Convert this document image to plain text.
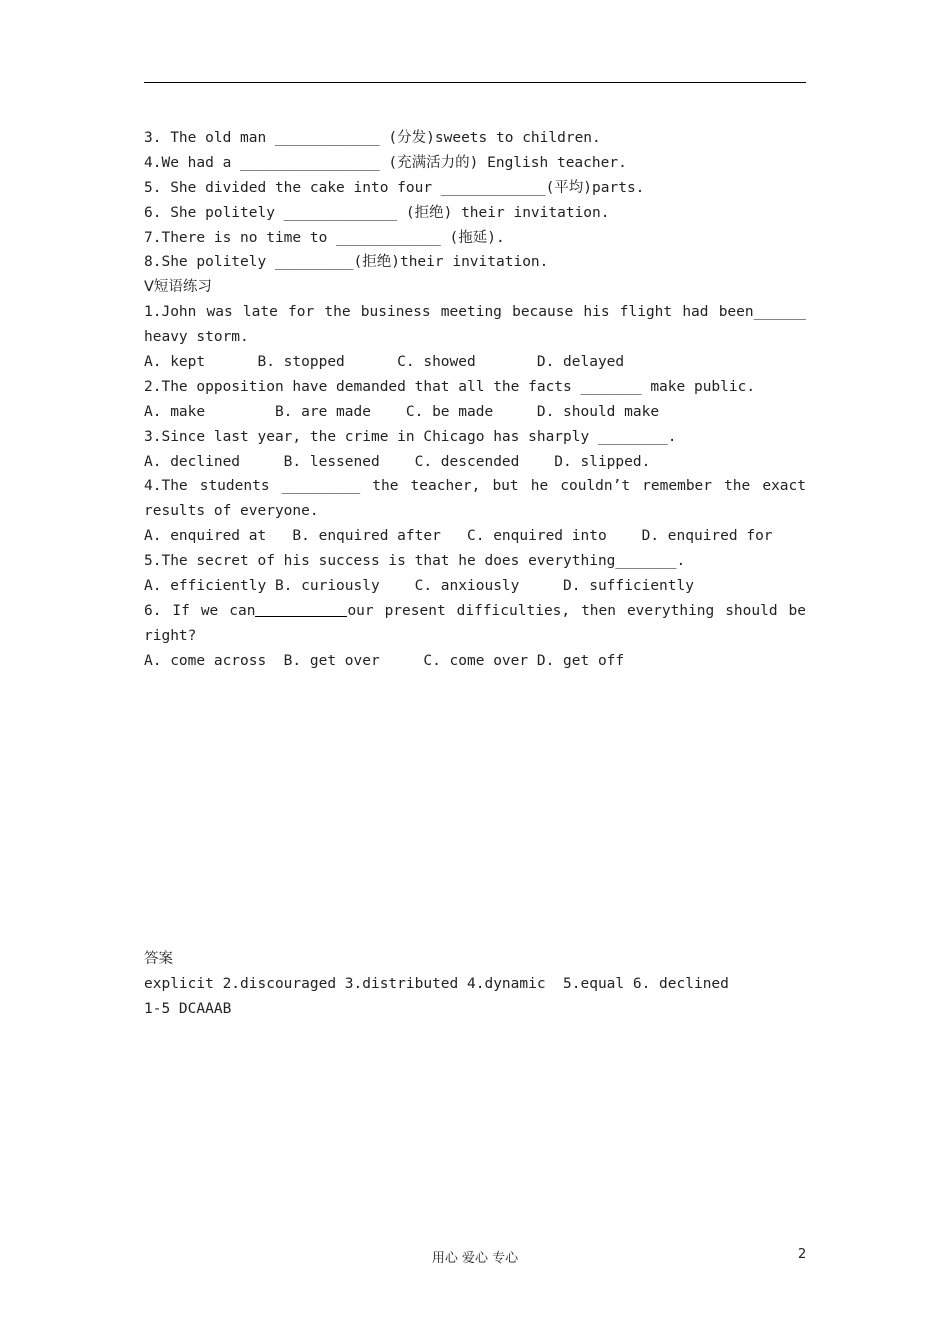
3. The old man ____________ (分发)sweets to children.
4.We had a ________________ (充满活力的) English teacher.
5. She divided the cake into four ____________(平均)parts.
6. She politely _____________ (拒绝) their invitation.
7.There is no time to ____________ (拖延).
8.She politely _________(拒绝)their invitation.
V短语练习
1.John was late for the business meeting because his flight had been______
heavy storm.
A. kept      B. stopped      C. showed       D. delayed
2.The opposition have demanded that all the facts _______ make public.
A. make        B. are made    C. be made     D. should make
3.Since last year, the crime in Chicago has sharply ________.
A. declined     B. lessened    C. descended    D. slipped.
4.The students _________ the teacher, but he couldn’t remember the exact
results of everyone.
A. enquired at   B. enquired after   C. enquired into    D. enquired for
5.The secret of his success is that he does everything_______.
A. efficiently B. curiously    C. anxiously     D. sufficiently
6. If we can	our present difficulties, then everything should be
right?
A. come across  B. get over     C. come over D. get off
答案
explicit 2.discouraged 3.distributed 4.dynamic  5.equal 6. declined
1-5 DCAAAB
用心 爱心 专心	2
